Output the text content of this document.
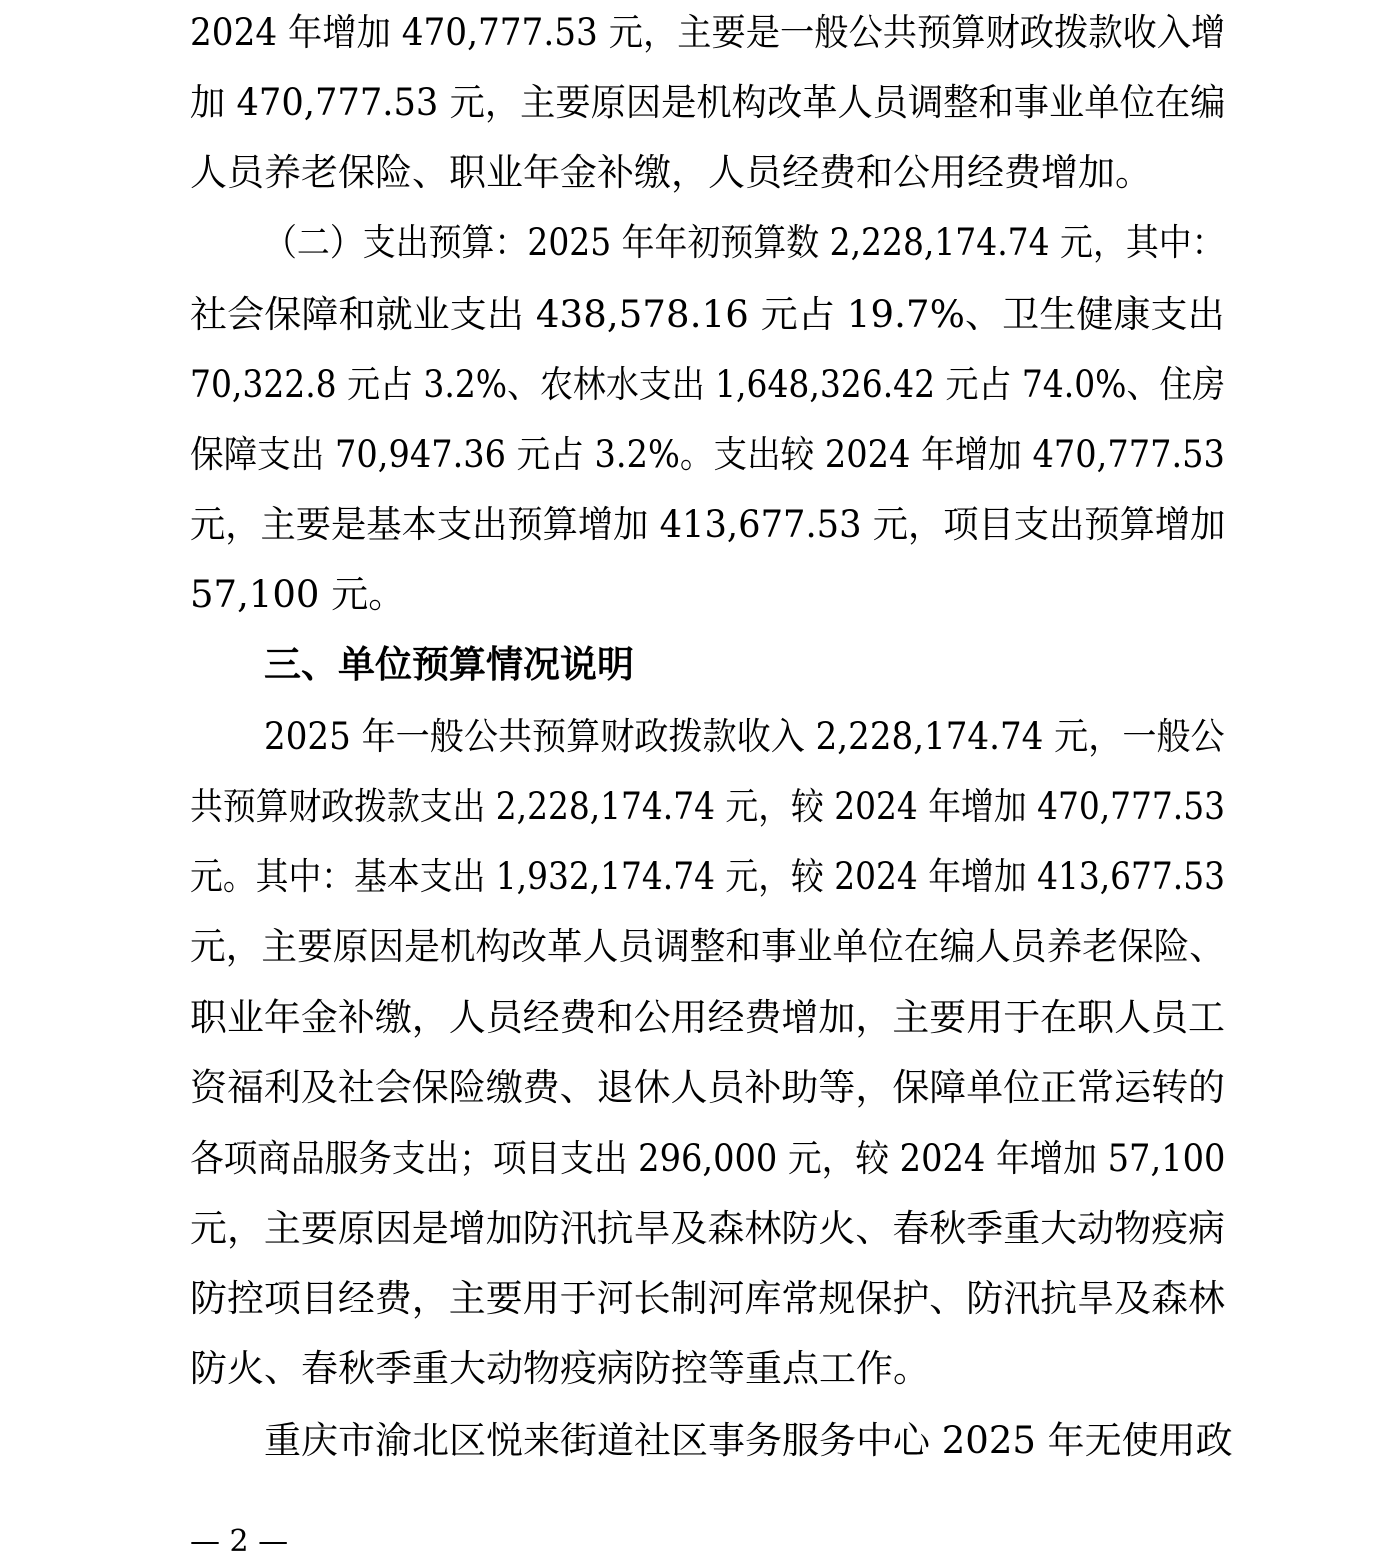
2024 年增加 470,777.53 元，主要是一般公共预算财政拨款收入增
加 470,777.53 元，主要原因是机构改革人员调整和事业单位在编
人员养老保险、职业年金补缴，人员经费和公用经费增加。
（二）支出预算：2025 年年初预算数 2,228,174.74 元，其中：
社会保障和就业支出 438,578.16 元占 19.7%、卫生健康支出
70,322.8 元占 3.2%、农林水支出 1,648,326.42 元占 74.0%、住房
保障支出 70,947.36 元占 3.2%。支出较 2024 年增加 470,777.53
元，主要是基本支出预算增加 413,677.53 元，项目支出预算增加
57,100 元。
三、单位预算情况说明
2025 年一般公共预算财政拨款收入 2,228,174.74 元，一般公
共预算财政拨款支出 2,228,174.74 元，较 2024 年增加 470,777.53
元。其中：基本支出 1,932,174.74 元，较 2024 年增加 413,677.53
元，主要原因是机构改革人员调整和事业单位在编人员养老保险、
职业年金补缴，人员经费和公用经费增加，主要用于在职人员工
资福利及社会保险缴费、退休人员补助等，保障单位正常运转的
各项商品服务支出；项目支出 296,000 元，较 2024 年增加 57,100
元，主要原因是增加防汛抗旱及森林防火、春秋季重大动物疫病
防控项目经费，主要用于河长制河库常规保护、防汛抗旱及森林
防火、春秋季重大动物疫病防控等重点工作。
重庆市渝北区悦来街道社区事务服务中心 2025 年无使用政
— 2 —
